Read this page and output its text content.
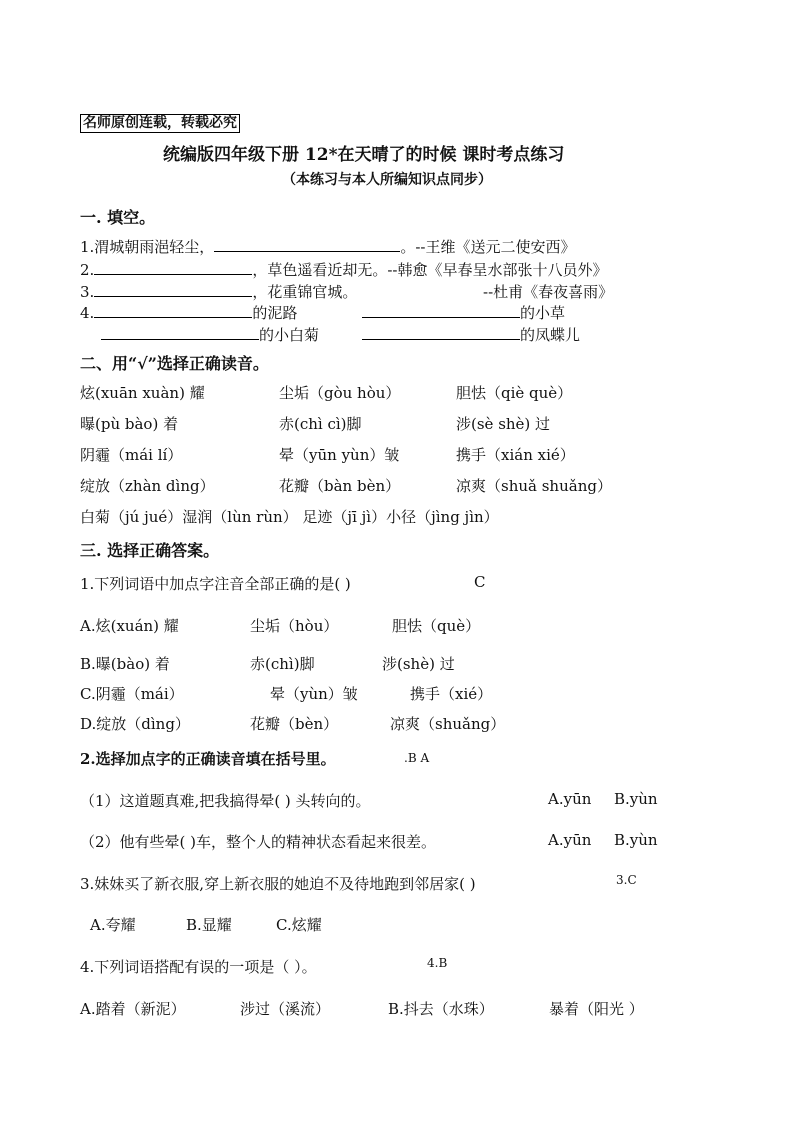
名师原创连载，转载必究
统编版四年级下册 12*在天晴了的时候 课时考点练习
（本练习与本人所编知识点同步）
一. 填空。
1.渭城朝雨浥轻尘，	。--王维《送元二使安西》
2.	，草色遥看近却无。--韩愈《早春呈水部张十八员外》
3.	，花重锦官城。	--杜甫《春夜喜雨》
4.	的泥路	的小草
的小白菊	的凤蝶儿
二、用“√”选择正确读音。
炫(xuān xuàn) 耀	尘垢（gòu hòu）	胆怯（qiè què）
曝(pù bào) 着	赤(chì cì)脚	涉(sè shè) 过
阴霾（mái lí）	晕（yūn yùn）皱	携手（xián xié）
绽放（zhàn dìng）	花瓣（bàn bèn）	凉爽（shuǎ shuǎng）
白菊（jú jué）湿润（lùn rùn） 足迹（jī jì）小径（jìng jìn）
三. 选择正确答案。
1.下列词语中加点字注音全部正确的是( )	C
A.炫(xuán) 耀	尘垢（hòu）	胆怯（què）
B.曝(bào) 着	赤(chì)脚	涉(shè) 过
C.阴霾（mái）	晕（yùn）皱	携手（xié）
D.绽放（dìng）	花瓣（bèn）	凉爽（shuǎng）
2.选择加点字的正确读音填在括号里。	.B A
（1）这道题真难,把我搞得晕( ) 头转向的。	A.yūn B.yùn
（2）他有些晕( )车，整个人的精神状态看起来很差。	A.yūn B.yùn
3.妹妹买了新衣服,穿上新衣服的她迫不及待地跑到邻居家( )	3.C
A.夸耀	B.显耀	C.炫耀
4.下列词语搭配有误的一项是（ ）。	4.B
A.踏着（新泥）	涉过（溪流）	B.抖去（水珠）	暴着（阳光 ）
